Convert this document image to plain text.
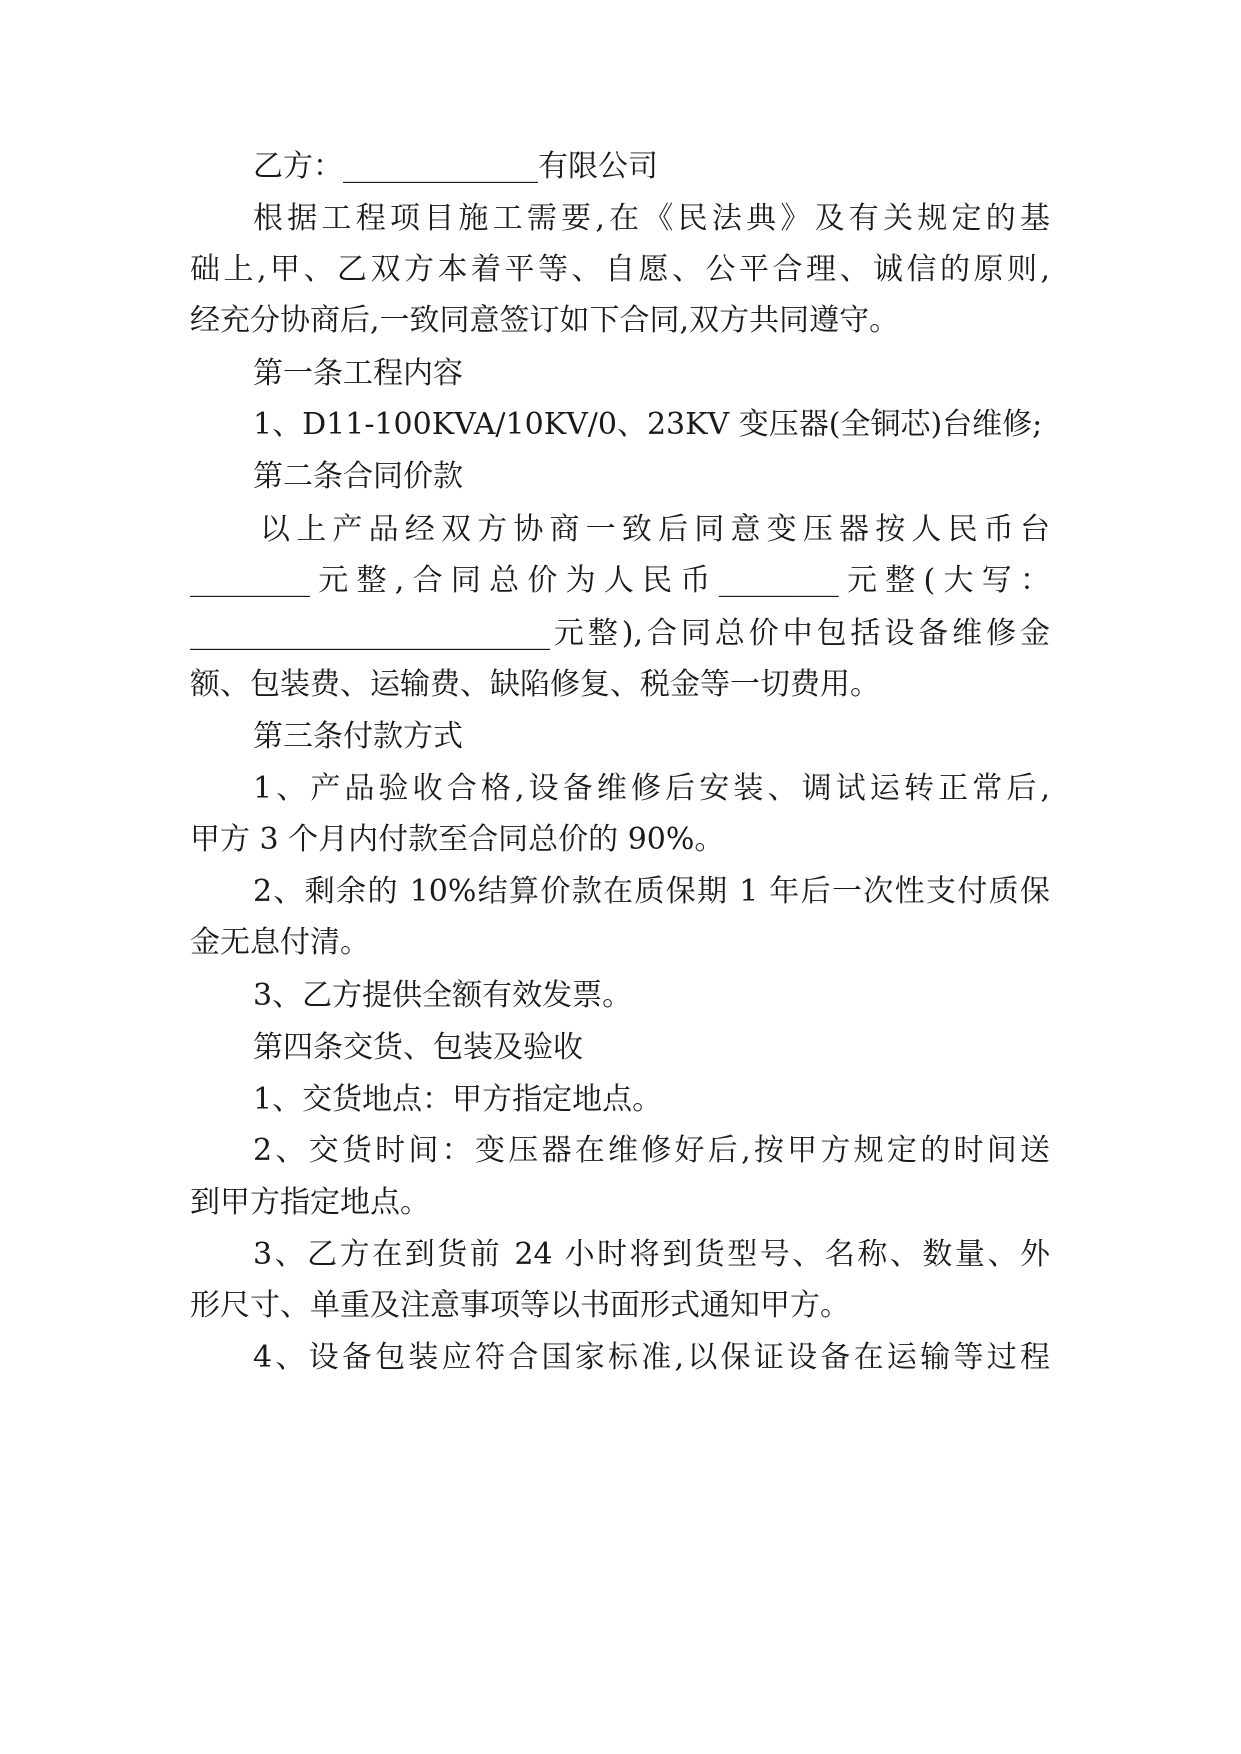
乙方：_____________有限公司
根据工程项目施工需要,在《民法典》及有关规定的基
础上,甲、乙双方本着平等、自愿、公平合理、诚信的原则,
经充分协商后,一致同意签订如下合同,双方共同遵守。
第一条工程内容
1、D11-100KVA/10KV/0、23KV 变压器(全铜芯)台维修;
第二条合同价款
以上产品经双方协商一致后同意变压器按人民币台
________元整,合同总价为人民币________元整(大写：
________________________元整),合同总价中包括设备维修金
额、包装费、运输费、缺陷修复、税金等一切费用。
第三条付款方式
1、产品验收合格,设备维修后安装、调试运转正常后,
甲方 3 个月内付款至合同总价的 90%。
2、剩余的 10%结算价款在质保期 1 年后一次性支付质保
金无息付清。
3、乙方提供全额有效发票。
第四条交货、包装及验收
1、交货地点：甲方指定地点。
2、交货时间：变压器在维修好后,按甲方规定的时间送
到甲方指定地点。
3、乙方在到货前 24 小时将到货型号、名称、数量、外
形尺寸、单重及注意事项等以书面形式通知甲方。
4、设备包装应符合国家标准,以保证设备在运输等过程
